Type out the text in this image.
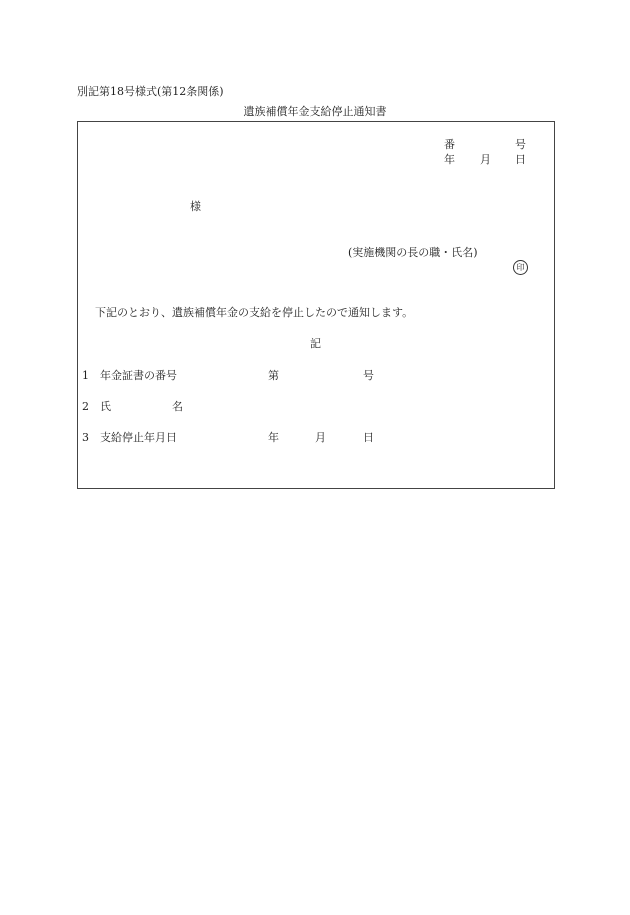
別記第18号様式(第12条関係)
遺族補償年金支給停止通知書
番	号
年 月 日
様
(実施機関の長の職・氏名)
印
下記のとおり、遺族補償年金の支給を停止したので通知します。
記
1 年金証書の番号	第	号
2 氏	名
3 支給停止年月日	年	月	日
